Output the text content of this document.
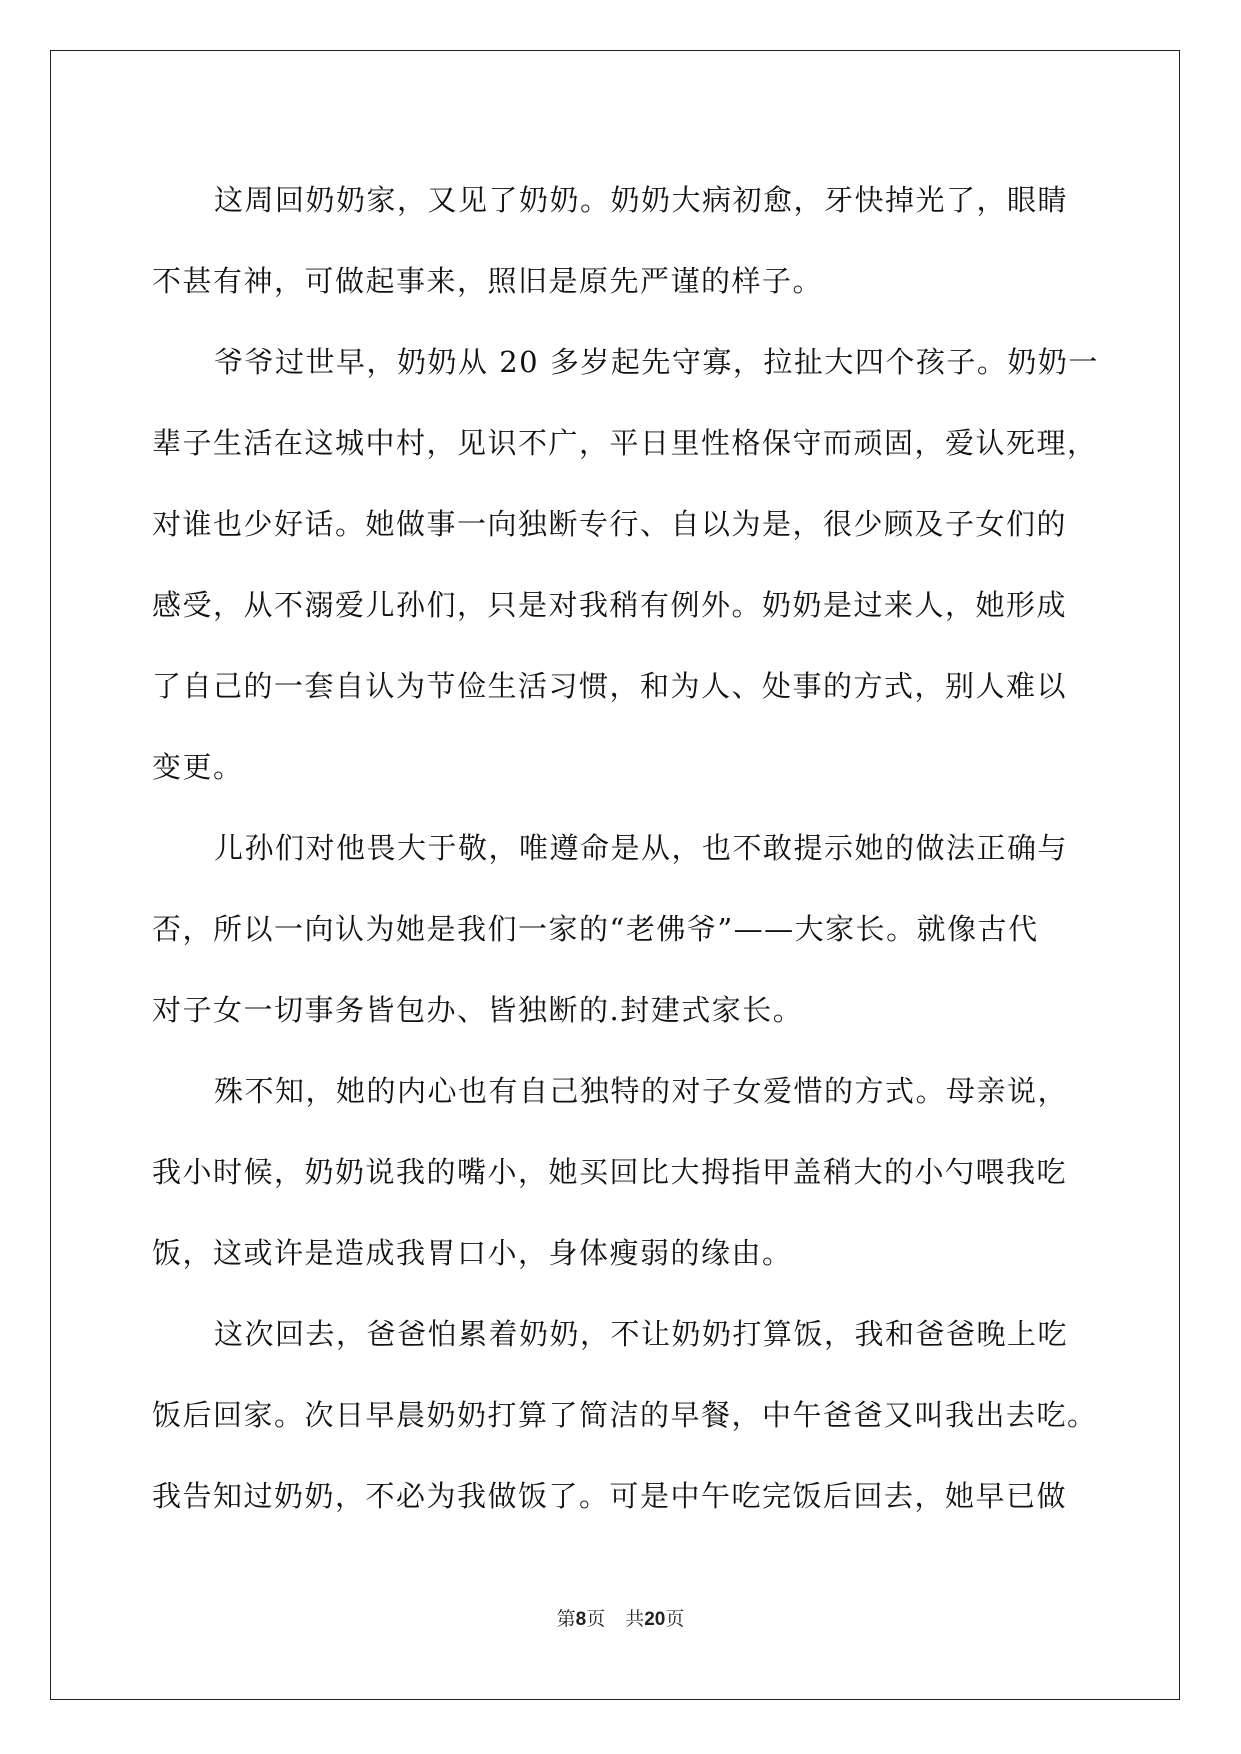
这周回奶奶家，又见了奶奶。奶奶大病初愈，牙快掉光了，眼睛
不甚有神，可做起事来，照旧是原先严谨的样子。
爷爷过世早，奶奶从 20 多岁起先守寡，拉扯大四个孩子。奶奶一
辈子生活在这城中村，见识不广，平日里性格保守而顽固，爱认死理，
对谁也少好话。她做事一向独断专行、自以为是，很少顾及子女们的
感受，从不溺爱儿孙们，只是对我稍有例外。奶奶是过来人，她形成
了自己的一套自认为节俭生活习惯，和为人、处事的方式，别人难以
变更。
儿孙们对他畏大于敬，唯遵命是从，也不敢提示她的做法正确与
否，所以一向认为她是我们一家的“老佛爷”——大家长。就像古代
对子女一切事务皆包办、皆独断的.封建式家长。
殊不知，她的内心也有自己独特的对子女爱惜的方式。母亲说，
我小时候，奶奶说我的嘴小，她买回比大拇指甲盖稍大的小勺喂我吃
饭，这或许是造成我胃口小，身体瘦弱的缘由。
这次回去，爸爸怕累着奶奶，不让奶奶打算饭，我和爸爸晚上吃
饭后回家。次日早晨奶奶打算了简洁的早餐，中午爸爸又叫我出去吃。
我告知过奶奶，不必为我做饭了。可是中午吃完饭后回去，她早已做
第8页 共20页
